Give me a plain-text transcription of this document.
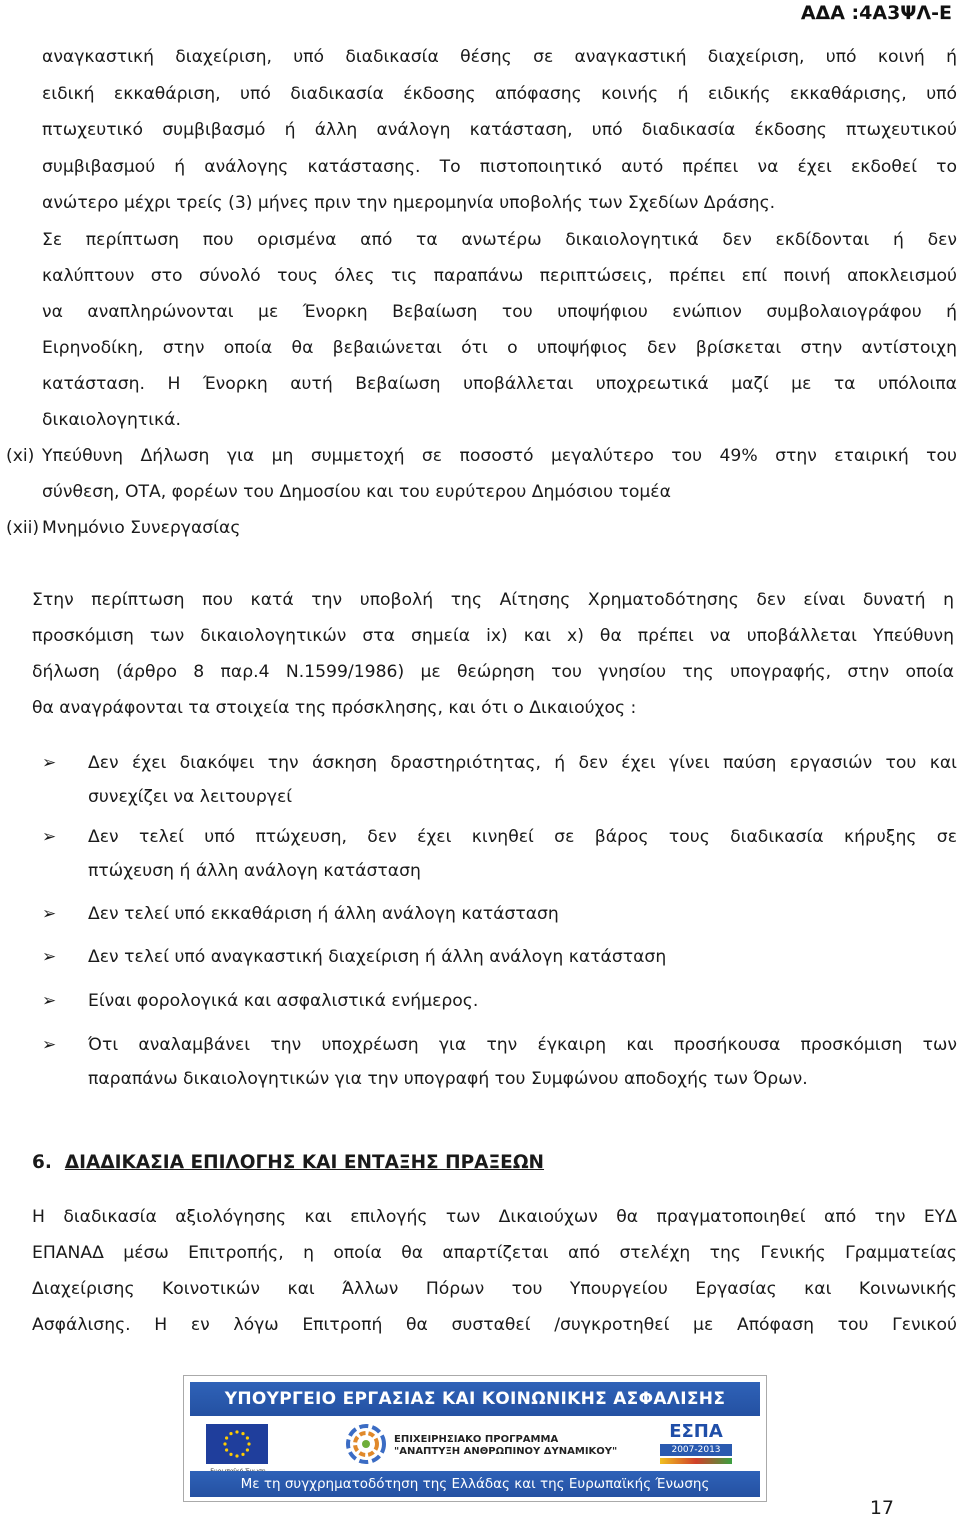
ΑΔΑ :4Α3ΨΛ-Ε
αναγκαστική διαχείριση, υπό διαδικασία θέσης σε αναγκαστική διαχείριση, υπό κοινή ή
ειδική εκκαθάριση, υπό διαδικασία έκδοσης απόφασης κοινής ή ειδικής εκκαθάρισης, υπό
πτωχευτικό συμβιβασμό ή άλλη ανάλογη κατάσταση, υπό διαδικασία έκδοσης πτωχευτικού
συμβιβασμού ή ανάλογης κατάστασης. Το πιστοποιητικό αυτό πρέπει να έχει εκδοθεί το
ανώτερο μέχρι τρείς (3) μήνες πριν την ημερομηνία υποβολής των Σχεδίων Δράσης.
Σε περίπτωση που ορισμένα από τα ανωτέρω δικαιολογητικά δεν εκδίδονται ή δεν
καλύπτουν στο σύνολό τους όλες τις παραπάνω περιπτώσεις, πρέπει επί ποινή αποκλεισμού
να αναπληρώνονται με Ένορκη Βεβαίωση του υποψήφιου ενώπιον συμβολαιογράφου ή
Ειρηνοδίκη, στην οποία θα βεβαιώνεται ότι ο υποψήφιος δεν βρίσκεται στην αντίστοιχη
κατάσταση. Η Ένορκη αυτή Βεβαίωση υποβάλλεται υποχρεωτικά μαζί με τα υπόλοιπα
δικαιολογητικά.
(xi) Υπεύθυνη Δήλωση για μη συμμετοχή σε ποσοστό μεγαλύτερο του 49% στην εταιρική του
σύνθεση, ΟΤΑ, φορέων του Δημοσίου και του ευρύτερου Δημόσιου τομέα
(xii) Μνημόνιο Συνεργασίας
Στην περίπτωση που κατά την υποβολή της Αίτησης Χρηματοδότησης δεν είναι δυνατή η
προσκόμιση των δικαιολογητικών στα σημεία ix) και x) θα πρέπει να υποβάλλεται Υπεύθυνη
δήλωση (άρθρο 8 παρ.4 Ν.1599/1986) με θεώρηση του γνησίου της υπογραφής, στην οποία
θα αναγράφονται τα στοιχεία της πρόσκλησης, και ότι ο Δικαιούχος :
➢ Δεν έχει διακόψει την άσκηση δραστηριότητας, ή δεν έχει γίνει παύση εργασιών του και
συνεχίζει να λειτουργεί
➢ Δεν τελεί υπό πτώχευση, δεν έχει κινηθεί σε βάρος τους διαδικασία κήρυξης σε
πτώχευση ή άλλη ανάλογη κατάσταση
➢ Δεν τελεί υπό εκκαθάριση ή άλλη ανάλογη κατάσταση
➢ Δεν τελεί υπό αναγκαστική διαχείριση ή άλλη ανάλογη κατάσταση
➢ Είναι φορολογικά και ασφαλιστικά ενήμερος.
➢ Ότι αναλαμβάνει την υποχρέωση για την έγκαιρη και προσήκουσα προσκόμιση των
παραπάνω δικαιολογητικών για την υπογραφή του Συμφώνου αποδοχής των Όρων.
6. ΔΙΑΔΙΚΑΣΙΑ ΕΠΙΛΟΓΗΣ ΚΑΙ ΕΝΤΑΞΗΣ ΠΡΑΞΕΩΝ
Η διαδικασία αξιολόγησης και επιλογής των Δικαιούχων θα πραγματοποιηθεί από την ΕΥΔ
ΕΠΑΝΑΔ μέσω Επιτροπής, η οποία θα απαρτίζεται από στελέχη της Γενικής Γραμματείας
Διαχείρισης Κοινοτικών και Άλλων Πόρων του Υπουργείου Εργασίας και Κοινωνικής
Ασφάλισης. Η εν λόγω Επιτροπή θα συσταθεί /συγκροτηθεί με Απόφαση του Γενικού
ΥΠΟΥΡΓΕΙΟ ΕΡΓΑΣΙΑΣ ΚΑΙ ΚΟΙΝΩΝΙΚΗΣ ΑΣΦΑΛΙΣΗΣ
ΕΠΙΧΕΙΡΗΣΙΑΚΟ ΠΡΟΓΡΑΜΜΑ
"ΑΝΑΠΤΥΞΗ ΑΝΘΡΩΠΙΝΟΥ ΔΥΝΑΜΙΚΟΥ"
ΕΣΠΑ
2007-2013
Με τη συγχρηματοδότηση της Ελλάδας και της Ευρωπαϊκής Ένωσης
17
